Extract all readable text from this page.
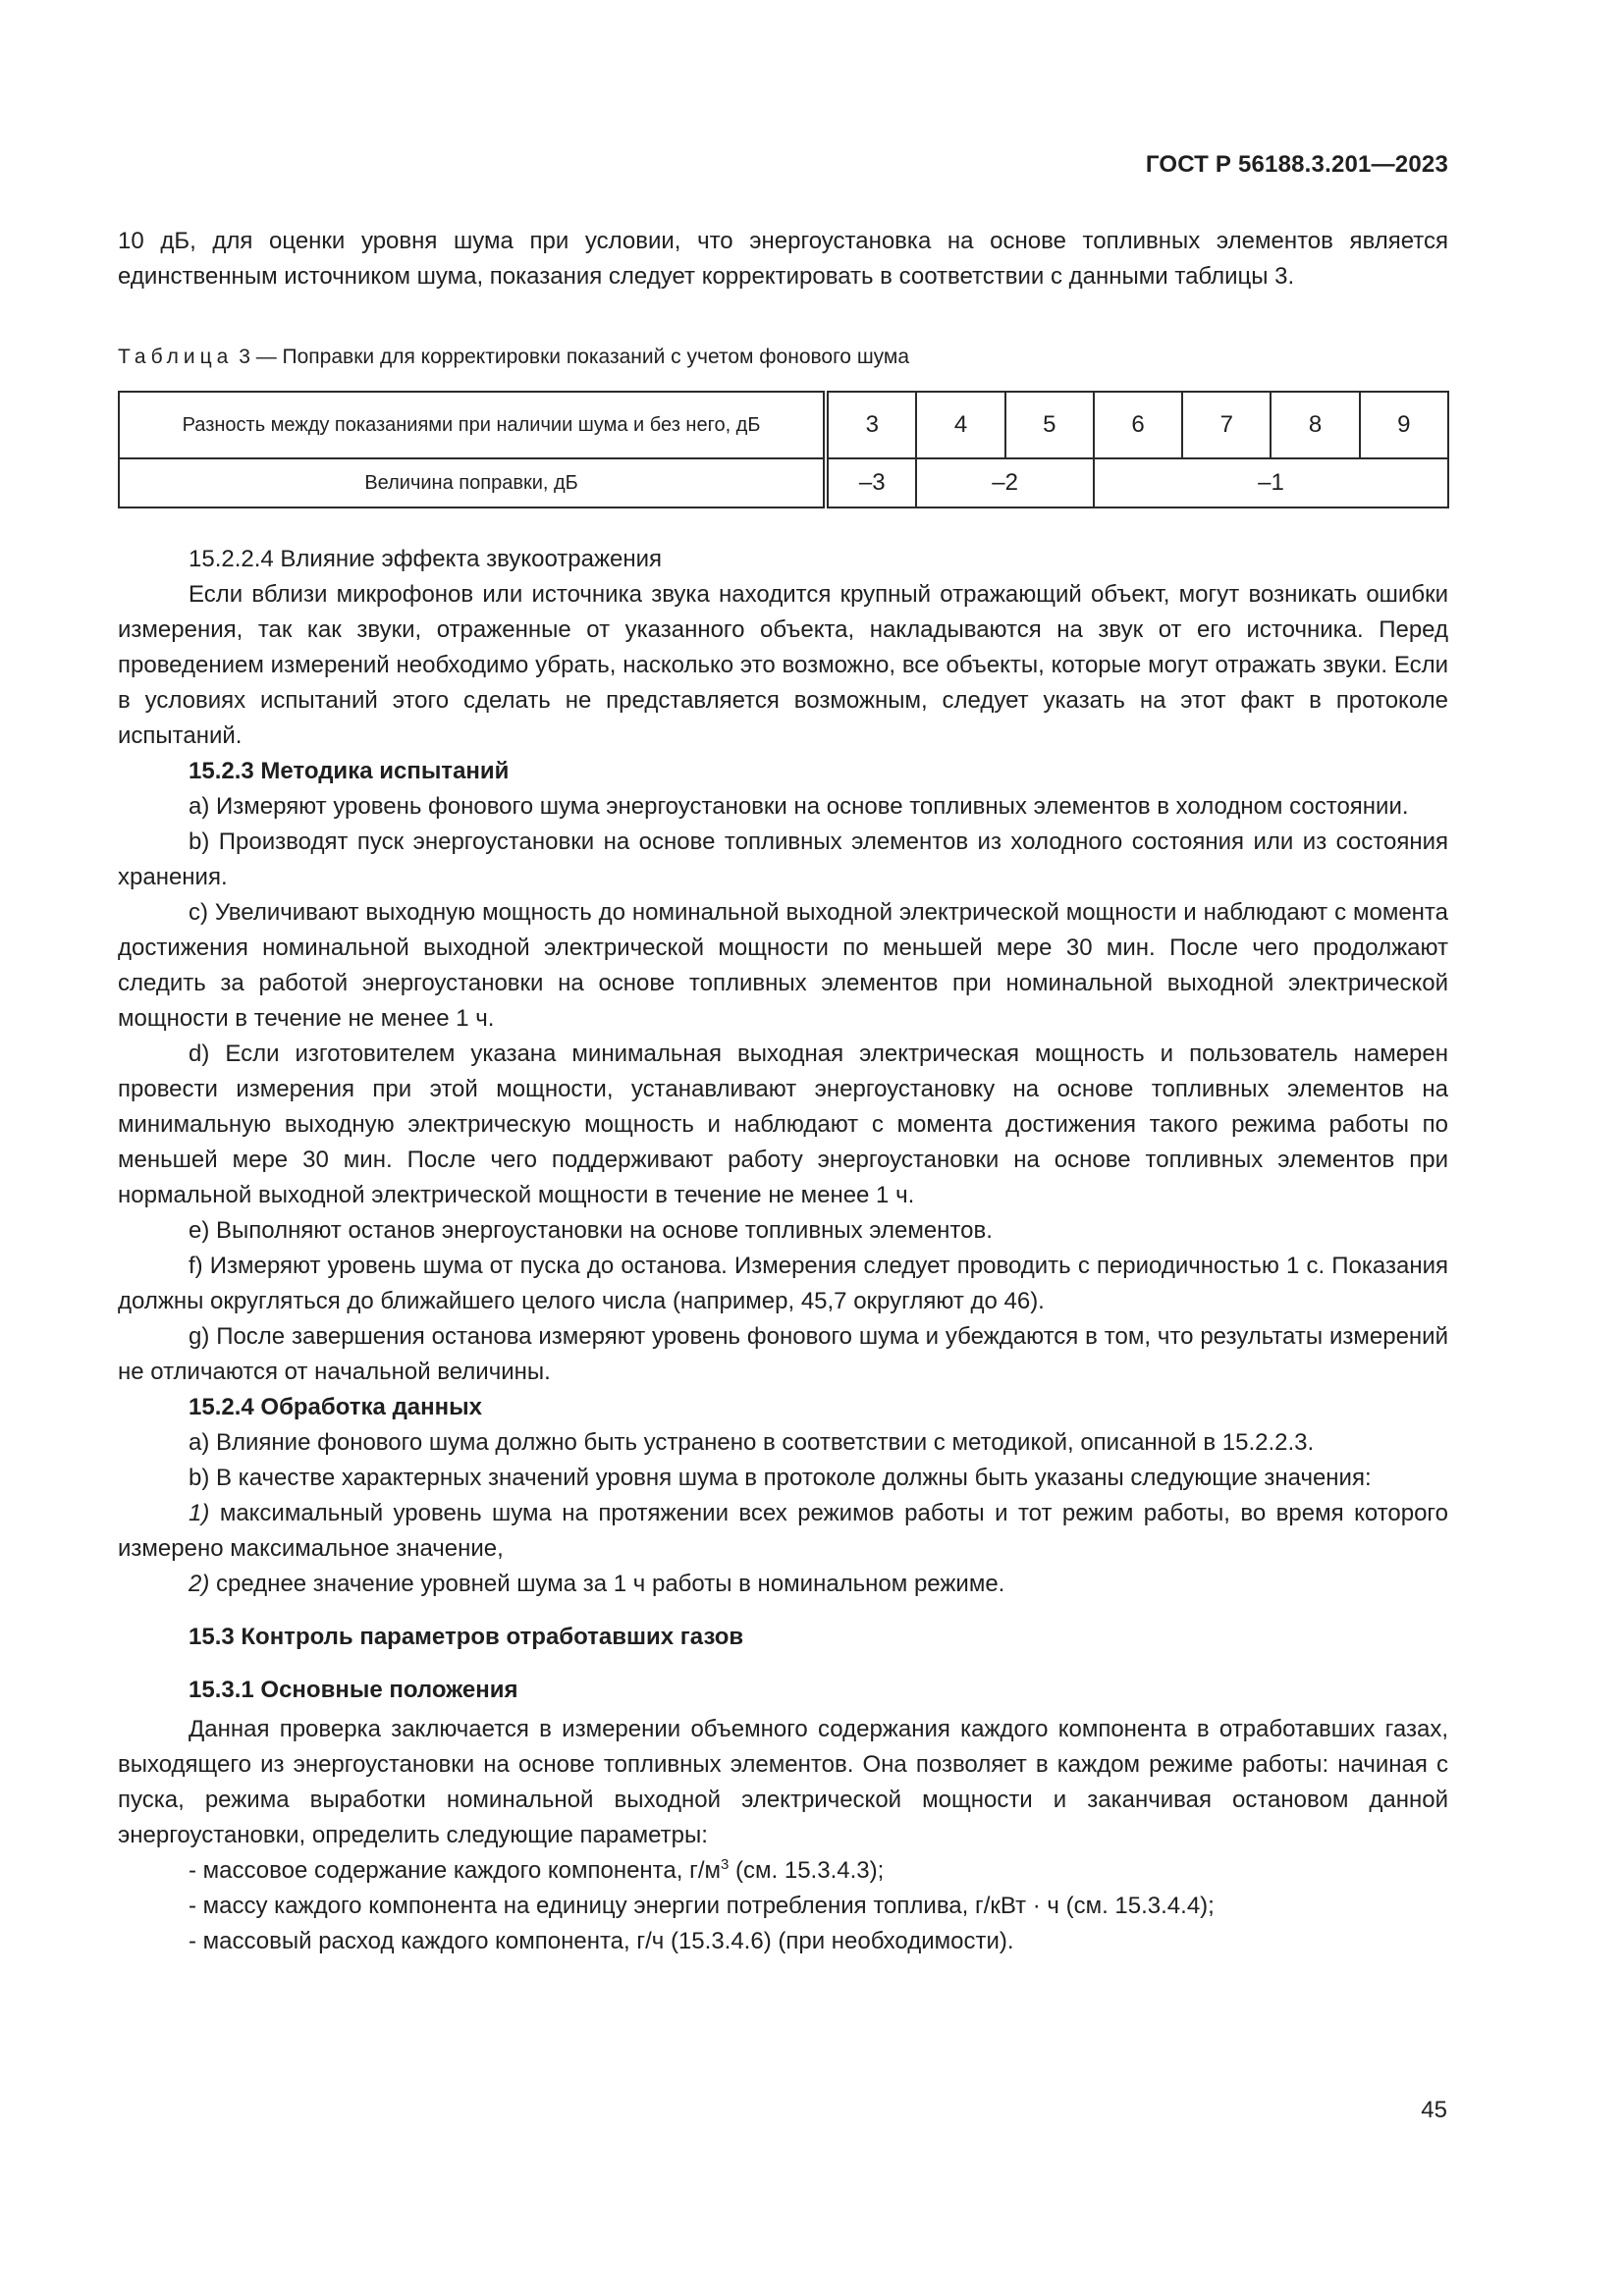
ГОСТ Р 56188.3.201—2023

10 дБ, для оценки уровня шума при условии, что энергоустановка на основе топливных элементов является единственным источником шума, показания следует корректировать в соответствии с данными таблицы 3.

Таблица 3 — Поправки для корректировки показаний с учетом фонового шума
Разность между показаниями при наличии шума и без него, дБ	3	4	5	6	7	8	9
Величина поправки, дБ	–3	–2		–1			

15.2.2.4 Влияние эффекта звукоотражения

Если вблизи микрофонов или источника звука находится крупный отражающий объект, могут возникать ошибки измерения, так как звуки, отраженные от указанного объекта, накладываются на звук от его источника. Перед проведением измерений необходимо убрать, насколько это возможно, все объекты, которые могут отражать звуки. Если в условиях испытаний этого сделать не представляется возможным, следует указать на этот факт в протоколе испытаний.

15.2.3 Методика испытаний

a) Измеряют уровень фонового шума энергоустановки на основе топливных элементов в холодном состоянии.

b) Производят пуск энергоустановки на основе топливных элементов из холодного состояния или из состояния хранения.

c) Увеличивают выходную мощность до номинальной выходной электрической мощности и наблюдают с момента достижения номинальной выходной электрической мощности по меньшей мере 30 мин. После чего продолжают следить за работой энергоустановки на основе топливных элементов при номинальной выходной электрической мощности в течение не менее 1 ч.

d) Если изготовителем указана минимальная выходная электрическая мощность и пользователь намерен провести измерения при этой мощности, устанавливают энергоустановку на основе топливных элементов на минимальную выходную электрическую мощность и наблюдают с момента достижения такого режима работы по меньшей мере 30 мин. После чего поддерживают работу энергоустановки на основе топливных элементов при нормальной выходной электрической мощности в течение не менее 1 ч.

e) Выполняют останов энергоустановки на основе топливных элементов.

f) Измеряют уровень шума от пуска до останова. Измерения следует проводить с периодичностью 1 с. Показания должны округляться до ближайшего целого числа (например, 45,7 округляют до 46).

g) После завершения останова измеряют уровень фонового шума и убеждаются в том, что результаты измерений не отличаются от начальной величины.

15.2.4 Обработка данных

a) Влияние фонового шума должно быть устранено в соответствии с методикой, описанной в 15.2.2.3.

b) В качестве характерных значений уровня шума в протоколе должны быть указаны следующие значения:

1) максимальный уровень шума на протяжении всех режимов работы и тот режим работы, во время которого измерено максимальное значение,

2) среднее значение уровней шума за 1 ч работы в номинальном режиме.

15.3 Контроль параметров отработавших газов

15.3.1 Основные положения

Данная проверка заключается в измерении объемного содержания каждого компонента в отработавших газах, выходящего из энергоустановки на основе топливных элементов. Она позволяет в каждом режиме работы: начиная с пуска, режима выработки номинальной выходной электрической мощности и заканчивая остановом данной энергоустановки, определить следующие параметры:

- массовое содержание каждого компонента, $г/м^3$ (см. 15.3.4.3);

- массу каждого компонента на единицу энергии потребления топлива, г/кВт · ч (см. 15.3.4.4);

- массовый расход каждого компонента, г/ч (15.3.4.6) (при необходимости).

45
